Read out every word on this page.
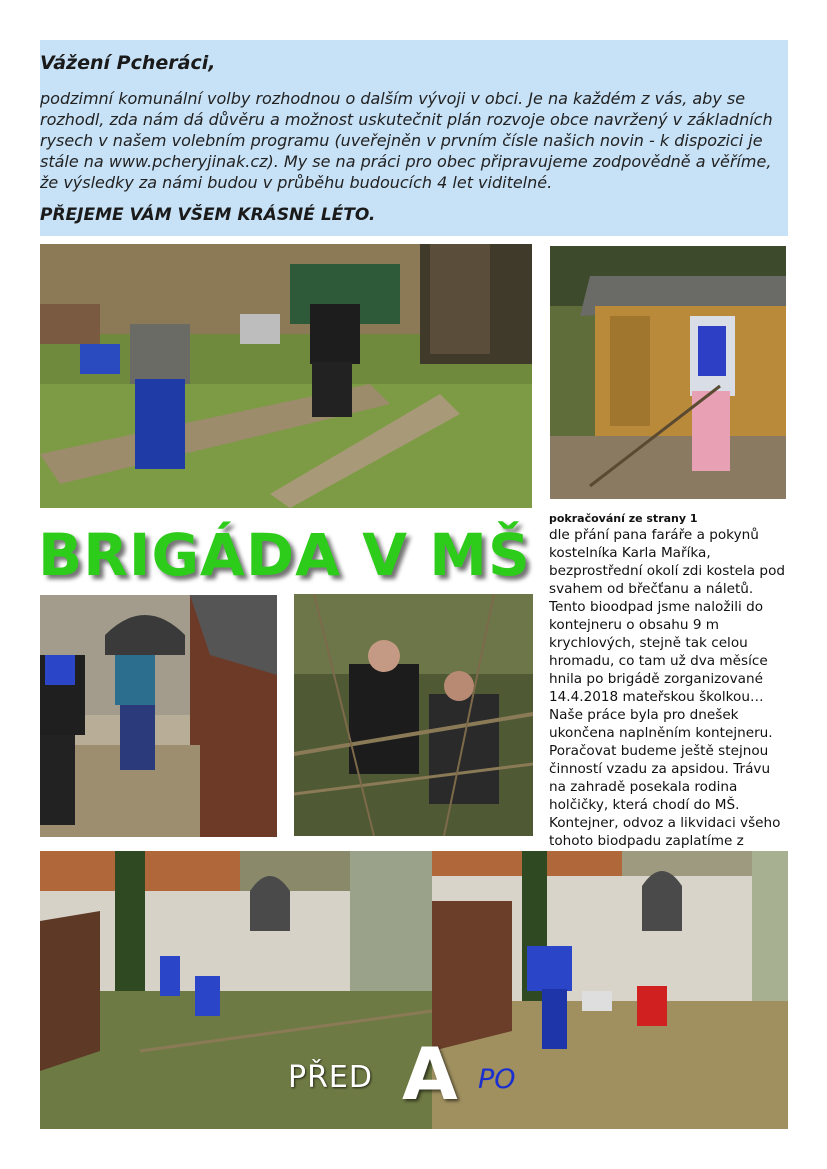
Vážení Pcheráci,

podzimní komunální volby rozhodnou o dalším vývoji v obci. Je na každém z vás, aby se rozhodl, zda nám dá důvěru a možnost uskutečnit plán rozvoje obce navržený v základních rysech v našem volebním programu (uveřejněn v prvním čísle našich novin - k dispozici je stále na www.pcheryjinak.cz). My se na práci pro obec připravujeme zodpovědně a věříme, že výsledky za námi budou v průběhu budoucích 4 let viditelné.

PŘEJEME VÁM VŠEM KRÁSNÉ LÉTO.

BRIGÁDA V MŠ

pokračování ze strany 1

dle přání pana faráře a pokynů kostelníka Karla Maříka, bezprostřední okolí zdi kostela pod svahem od břečťanu a náletů. Tento bioodpad jsme naložili do kontejneru o obsahu 9 m krychlových, stejně tak celou hromadu, co tam už dva měsíce hnila po brigádě zorganizované 14.4.2018 mateřskou školkou… Naše práce byla pro dnešek ukončena naplněním kontejneru. Poračovat budeme ještě stejnou činností vzadu za apsidou. Trávu na zahradě posekala rodina holčičky, která chodí do MŠ. Kontejner, odvoz a likvidaci všeho tohoto biodpadu zaplatíme z

PŘED A PO
